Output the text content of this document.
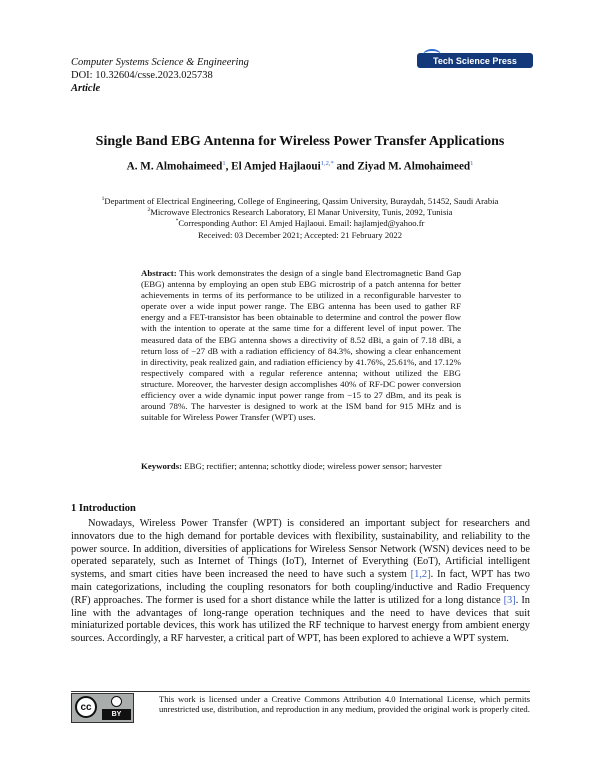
Computer Systems Science & Engineering
DOI: 10.32604/csse.2023.025738
Article
Tech Science Press
Single Band EBG Antenna for Wireless Power Transfer Applications
A. M. Almohaimeed$^1$, El Amjed Hajlaoui$^{1,2,*}$ and Ziyad M. Almohaimeed$^1$
$^1$Department of Electrical Engineering, College of Engineering, Qassim University, Buraydah, 51452, Saudi Arabia
$^2$Microwave Electronics Research Laboratory, El Manar University, Tunis, 2092, Tunisia
*Corresponding Author: El Amjed Hajlaoui. Email: hajlamjed@yahoo.fr
Received: 03 December 2021; Accepted: 21 February 2022
Abstract: This work demonstrates the design of a single band Electromagnetic Band Gap (EBG) antenna by employing an open stub EBG microstrip of a patch antenna for better achievements in terms of its performance to be utilized in a reconfigurable harvester to operate over a wide input power range. The EBG antenna has been used to gather RF energy and a FET-transistor has been obtainable to determine and control the power flow with the intention to operate at the same time for a different level of input power. The measured data of the EBG antenna shows a directivity of 8.52 dBi, a gain of 7.18 dBi, a return loss of −27 dB with a radiation efficiency of 84.3%, showing a clear enhancement in directivity, peak realized gain, and radiation efficiency by 41.76%, 25.61%, and 17.12% respectively compared with a regular reference antenna; without utilized the EBG structure. Moreover, the harvester design accomplishes 40% of RF-DC power conversion efficiency over a wide dynamic input power range from −15 to 27 dBm, and its peak is around 78%. The harvester is designed to work at the ISM band for 915 MHz and is suitable for Wireless Power Transfer (WPT) uses.
Keywords: EBG; rectifier; antenna; schottky diode; wireless power sensor; harvester
1 Introduction
Nowadays, Wireless Power Transfer (WPT) is considered an important subject for researchers and innovators due to the high demand for portable devices with flexibility, sustainability, and reliability to the power source. In addition, diversities of applications for Wireless Sensor Network (WSN) devices need to be operated separately, such as Internet of Things (IoT), Internet of Everything (EoT), Artificial intelligent systems, and smart cities have been increased the need to have such a system [1,2]. In fact, WPT has two main categorizations, including the coupling resonators for both coupling/inductive and Radio Frequency (RF) approaches. The former is used for a short distance while the latter is utilized for a long distance [3]. In line with the advantages of long-range operation techniques and the need to have devices that suit miniaturized portable devices, this work has utilized the RF technique to harvest energy from ambient energy sources. Accordingly, a RF harvester, a critical part of WPT, has been explored to achieve a WPT system.
cc
BY
This work is licensed under a Creative Commons Attribution 4.0 International License, which permits unrestricted use, distribution, and reproduction in any medium, provided the original work is properly cited.
